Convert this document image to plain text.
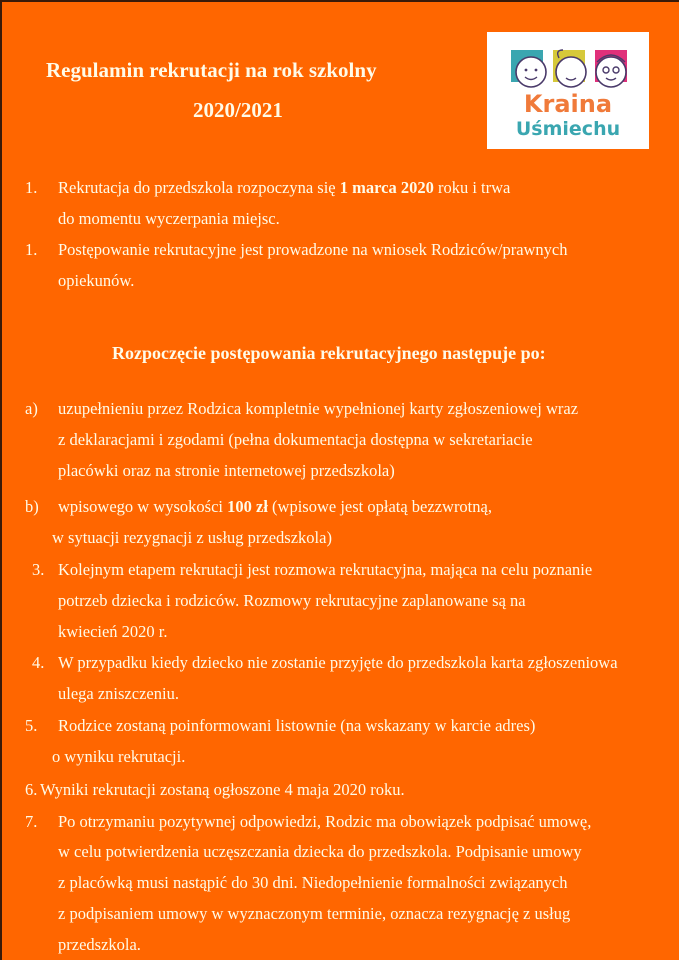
Regulamin rekrutacji na rok szkolny
2020/2021	Kraina
Uśmiechu
1. Rekrutacja do przedszkola rozpoczyna się 1 marca 2020 roku i trwa
do momentu wyczerpania miejsc.
1. Postępowanie rekrutacyjne jest prowadzone na wniosek Rodziców/prawnych
opiekunów.
Rozpoczęcie postępowania rekrutacyjnego następuje po:
a) uzupełnieniu przez Rodzica kompletnie wypełnionej karty zgłoszeniowej wraz
z deklaracjami i zgodami (pełna dokumentacja dostępna w sekretariacie
placówki oraz na stronie internetowej przedszkola)
b) wpisowego w wysokości 100 zł (wpisowe jest opłatą bezzwrotną,
w sytuacji rezygnacji z usług przedszkola)
3. Kolejnym etapem rekrutacji jest rozmowa rekrutacyjna, mająca na celu poznanie
potrzeb dziecka i rodziców. Rozmowy rekrutacyjne zaplanowane są na
kwiecień 2020 r.
4. W przypadku kiedy dziecko nie zostanie przyjęte do przedszkola karta zgłoszeniowa
ulega zniszczeniu.
5. Rodzice zostaną poinformowani listownie (na wskazany w karcie adres)
o wyniku rekrutacji.
6. Wyniki rekrutacji zostaną ogłoszone 4 maja 2020 roku.
7. Po otrzymaniu pozytywnej odpowiedzi, Rodzic ma obowiązek podpisać umowę,
w celu potwierdzenia uczęszczania dziecka do przedszkola. Podpisanie umowy
z placówką musi nastąpić do 30 dni. Niedopełnienie formalności związanych
z podpisaniem umowy w wyznaczonym terminie, oznacza rezygnację z usług
przedszkola.
